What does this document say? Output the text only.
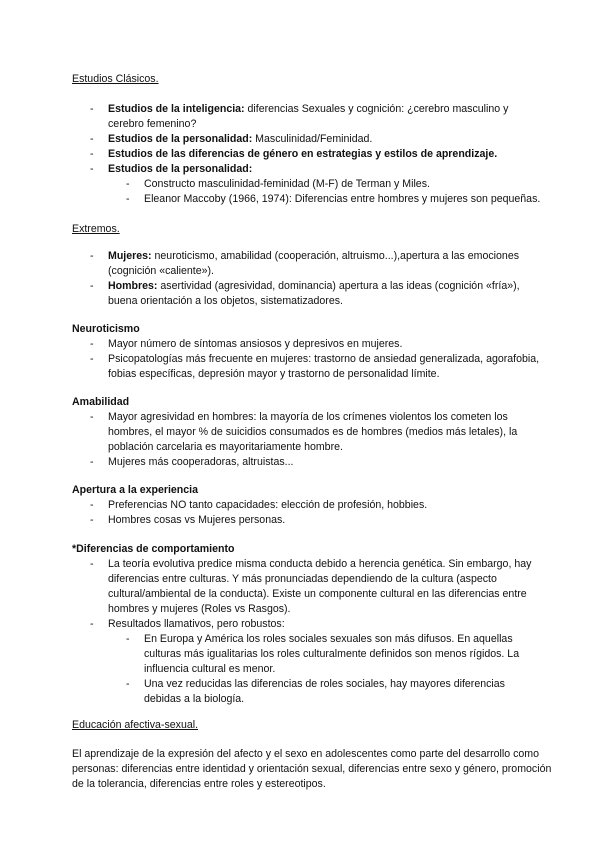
Estudios Clásicos.
-	Estudios de la inteligencia: diferencias Sexuales y cognición: ¿cerebro masculino y cerebro femenino?
-	Estudios de la personalidad: Masculinidad/Feminidad.
-	Estudios de las diferencias de género en estrategias y estilos de aprendizaje.
-	Estudios de la personalidad:
-	Constructo masculinidad-feminidad (M-F) de Terman y Miles.
-	Eleanor Maccoby (1966, 1974): Diferencias entre hombres y mujeres son pequeñas.
Extremos.
-	Mujeres: neuroticismo, amabilidad (cooperación, altruismo...),apertura a las emociones (cognición «caliente»).
-	Hombres: asertividad (agresividad, dominancia) apertura a las ideas (cognición «fría»), buena orientación a los objetos, sistematizadores.
Neuroticismo
-	Mayor número de síntomas ansiosos y depresivos en mujeres.
-	Psicopatologías más frecuente en mujeres: trastorno de ansiedad generalizada, agorafobia, fobias específicas, depresión mayor y trastorno de personalidad límite.
Amabilidad
-	Mayor agresividad en hombres: la mayoría de los crímenes violentos los cometen los hombres, el mayor % de suicidios consumados es de hombres (medios más letales), la población carcelaria es mayoritariamente hombre.
-	Mujeres más cooperadoras, altruistas...
Apertura a la experiencia
-	Preferencias NO tanto capacidades: elección de profesión, hobbies.
-	Hombres cosas vs Mujeres personas.
*Diferencias de comportamiento
-	La teoría evolutiva predice misma conducta debido a herencia genética. Sin embargo, hay diferencias entre culturas. Y más pronunciadas dependiendo de la cultura (aspecto cultural/ambiental de la conducta). Existe un componente cultural en las diferencias entre hombres y mujeres (Roles vs Rasgos).
-	Resultados llamativos, pero robustos:
-	En Europa y América los roles sociales sexuales son más difusos. En aquellas culturas más igualitarias los roles culturalmente definidos son menos rígidos. La influencia cultural es menor.
-	Una vez reducidas las diferencias de roles sociales, hay mayores diferencias debidas a la biología.
Educación afectiva-sexual.
El aprendizaje de la expresión del afecto y el sexo en adolescentes como parte del desarrollo como personas: diferencias entre identidad y orientación sexual, diferencias entre sexo y género, promoción de la tolerancia, diferencias entre roles y estereotipos.
